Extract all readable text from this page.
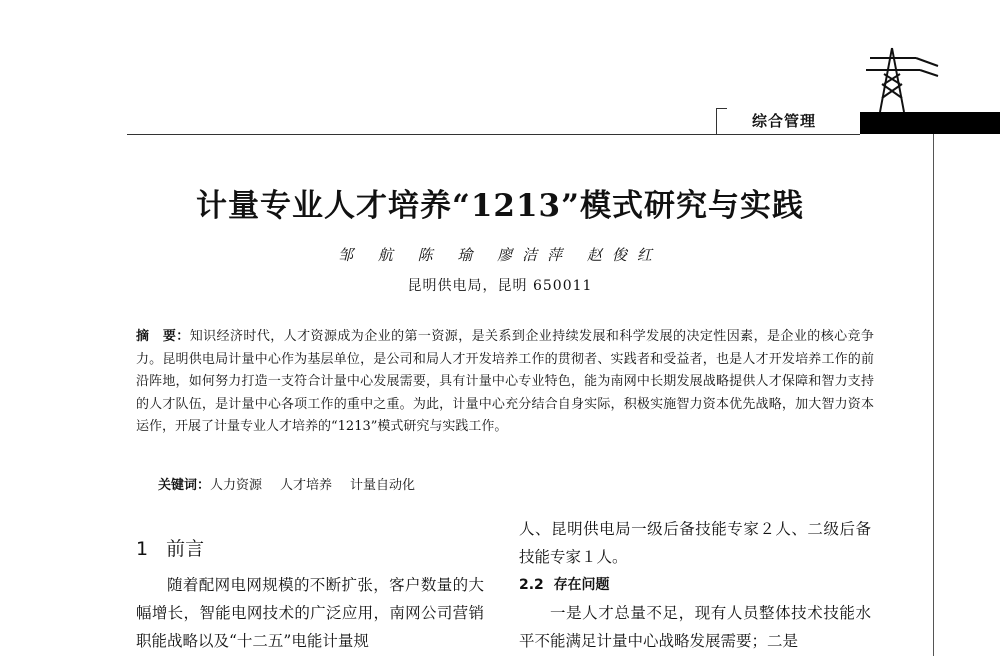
综合管理
计量专业人才培养“1213”模式研究与实践
邹 航 陈 瑜 廖洁萍 赵俊红
昆明供电局，昆明 650011
摘　要：知识经济时代，人才资源成为企业的第一资源，是关系到企业持续发展和科学发展的决定性因素，是企业的核心竞争力。昆明供电局计量中心作为基层单位，是公司和局人才开发培养工作的贯彻者、实践者和受益者，也是人才开发培养工作的前沿阵地，如何努力打造一支符合计量中心发展需要，具有计量中心专业特色，能为南网中长期发展战略提供人才保障和智力支持的人才队伍，是计量中心各项工作的重中之重。为此，计量中心充分结合自身实际，积极实施智力资本优先战略，加大智力资本运作，开展了计量专业人才培养的“1213”模式研究与实践工作。
关键词：人力资源 人才培养 计量自动化
1 前言
随着配网电网规模的不断扩张，客户数量的大幅增长，智能电网技术的广泛应用，南网公司营销职能战略以及“十二五”电能计量规
人、昆明供电局一级后备技能专家２人、二级后备技能专家１人。
2.2 存在问题
一是人才总量不足，现有人员整体技术技能水平不能满足计量中心战略发展需要；二是
